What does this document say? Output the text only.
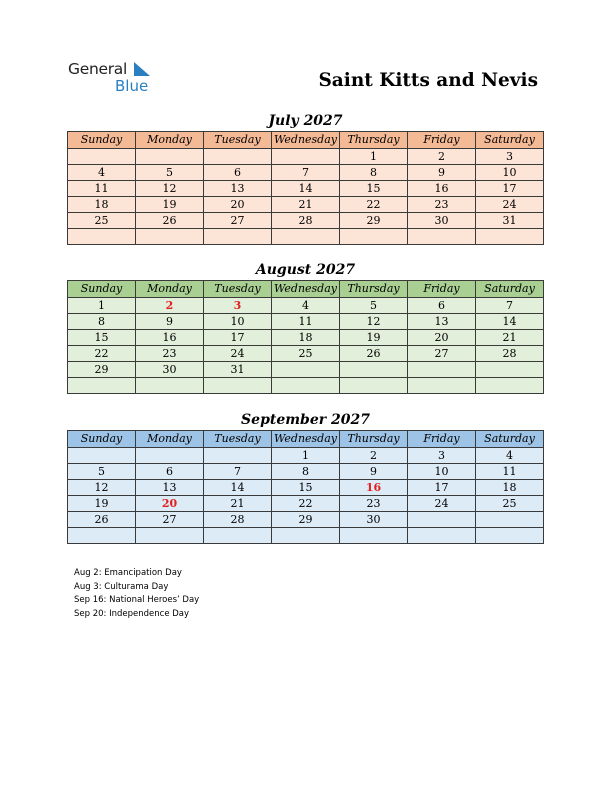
General
Blue	Saint Kitts and Nevis
July 2027
Sunday	Monday	Tuesday	Wednesday	Thursday	Friday	Saturday
				1	2	3
4	5	6	7	8	9	10
11	12	13	14	15	16	17
18	19	20	21	22	23	24
25	26	27	28	29	30	31

August 2027
Sunday	Monday	Tuesday	Wednesday	Thursday	Friday	Saturday
1	2	3	4	5	6	7
8	9	10	11	12	13	14
15	16	17	18	19	20	21
22	23	24	25	26	27	28
29	30	31				

September 2027
Sunday	Monday	Tuesday	Wednesday	Thursday	Friday	Saturday
			1	2	3	4
5	6	7	8	9	10	11
12	13	14	15	16	17	18
19	20	21	22	23	24	25
26	27	28	29	30		

Aug 2: Emancipation Day
Aug 3: Culturama Day
Sep 16: National Heroes’ Day
Sep 20: Independence Day
